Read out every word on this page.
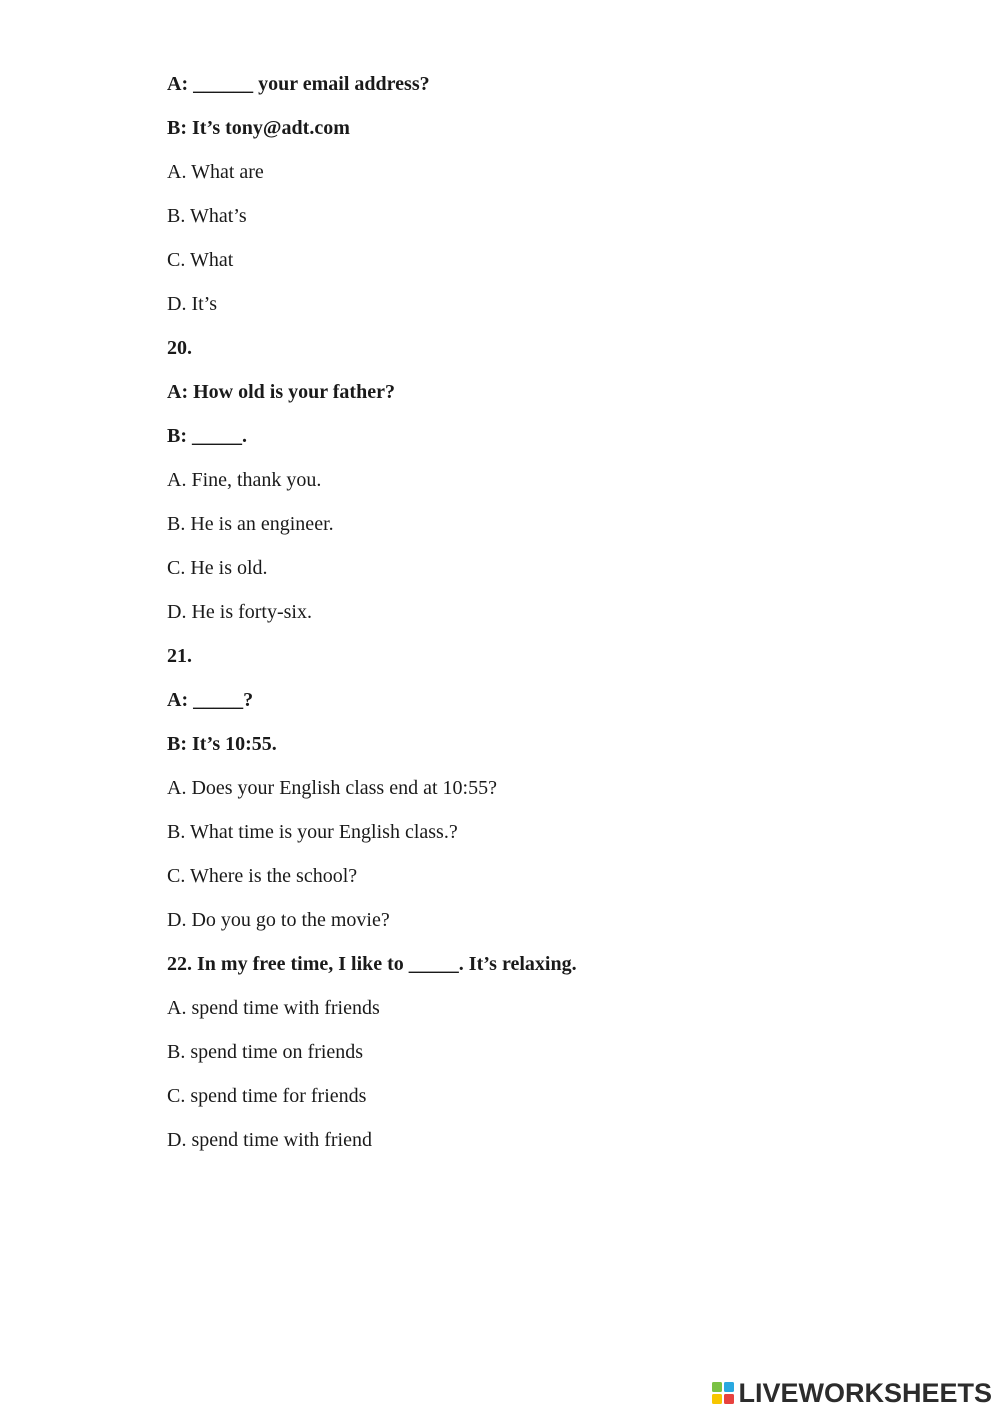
A: ______ your email address?
B: It’s tony@adt.com
A. What are
B. What’s
C. What
D. It’s
20.
A: How old is your father?
B: _____.
A. Fine, thank you.
B. He is an engineer.
C. He is old.
D. He is forty-six.
21.
A: _____?
B: It’s 10:55.
A. Does your English class end at 10:55?
B. What time is your English class.?
C. Where is the school?
D. Do you go to the movie?
22. In my free time, I like to _____. It’s relaxing.
A. spend time with friends
B. spend time on friends
C. spend time for friends
D. spend time with friend
LIVEWORKSHEETS
